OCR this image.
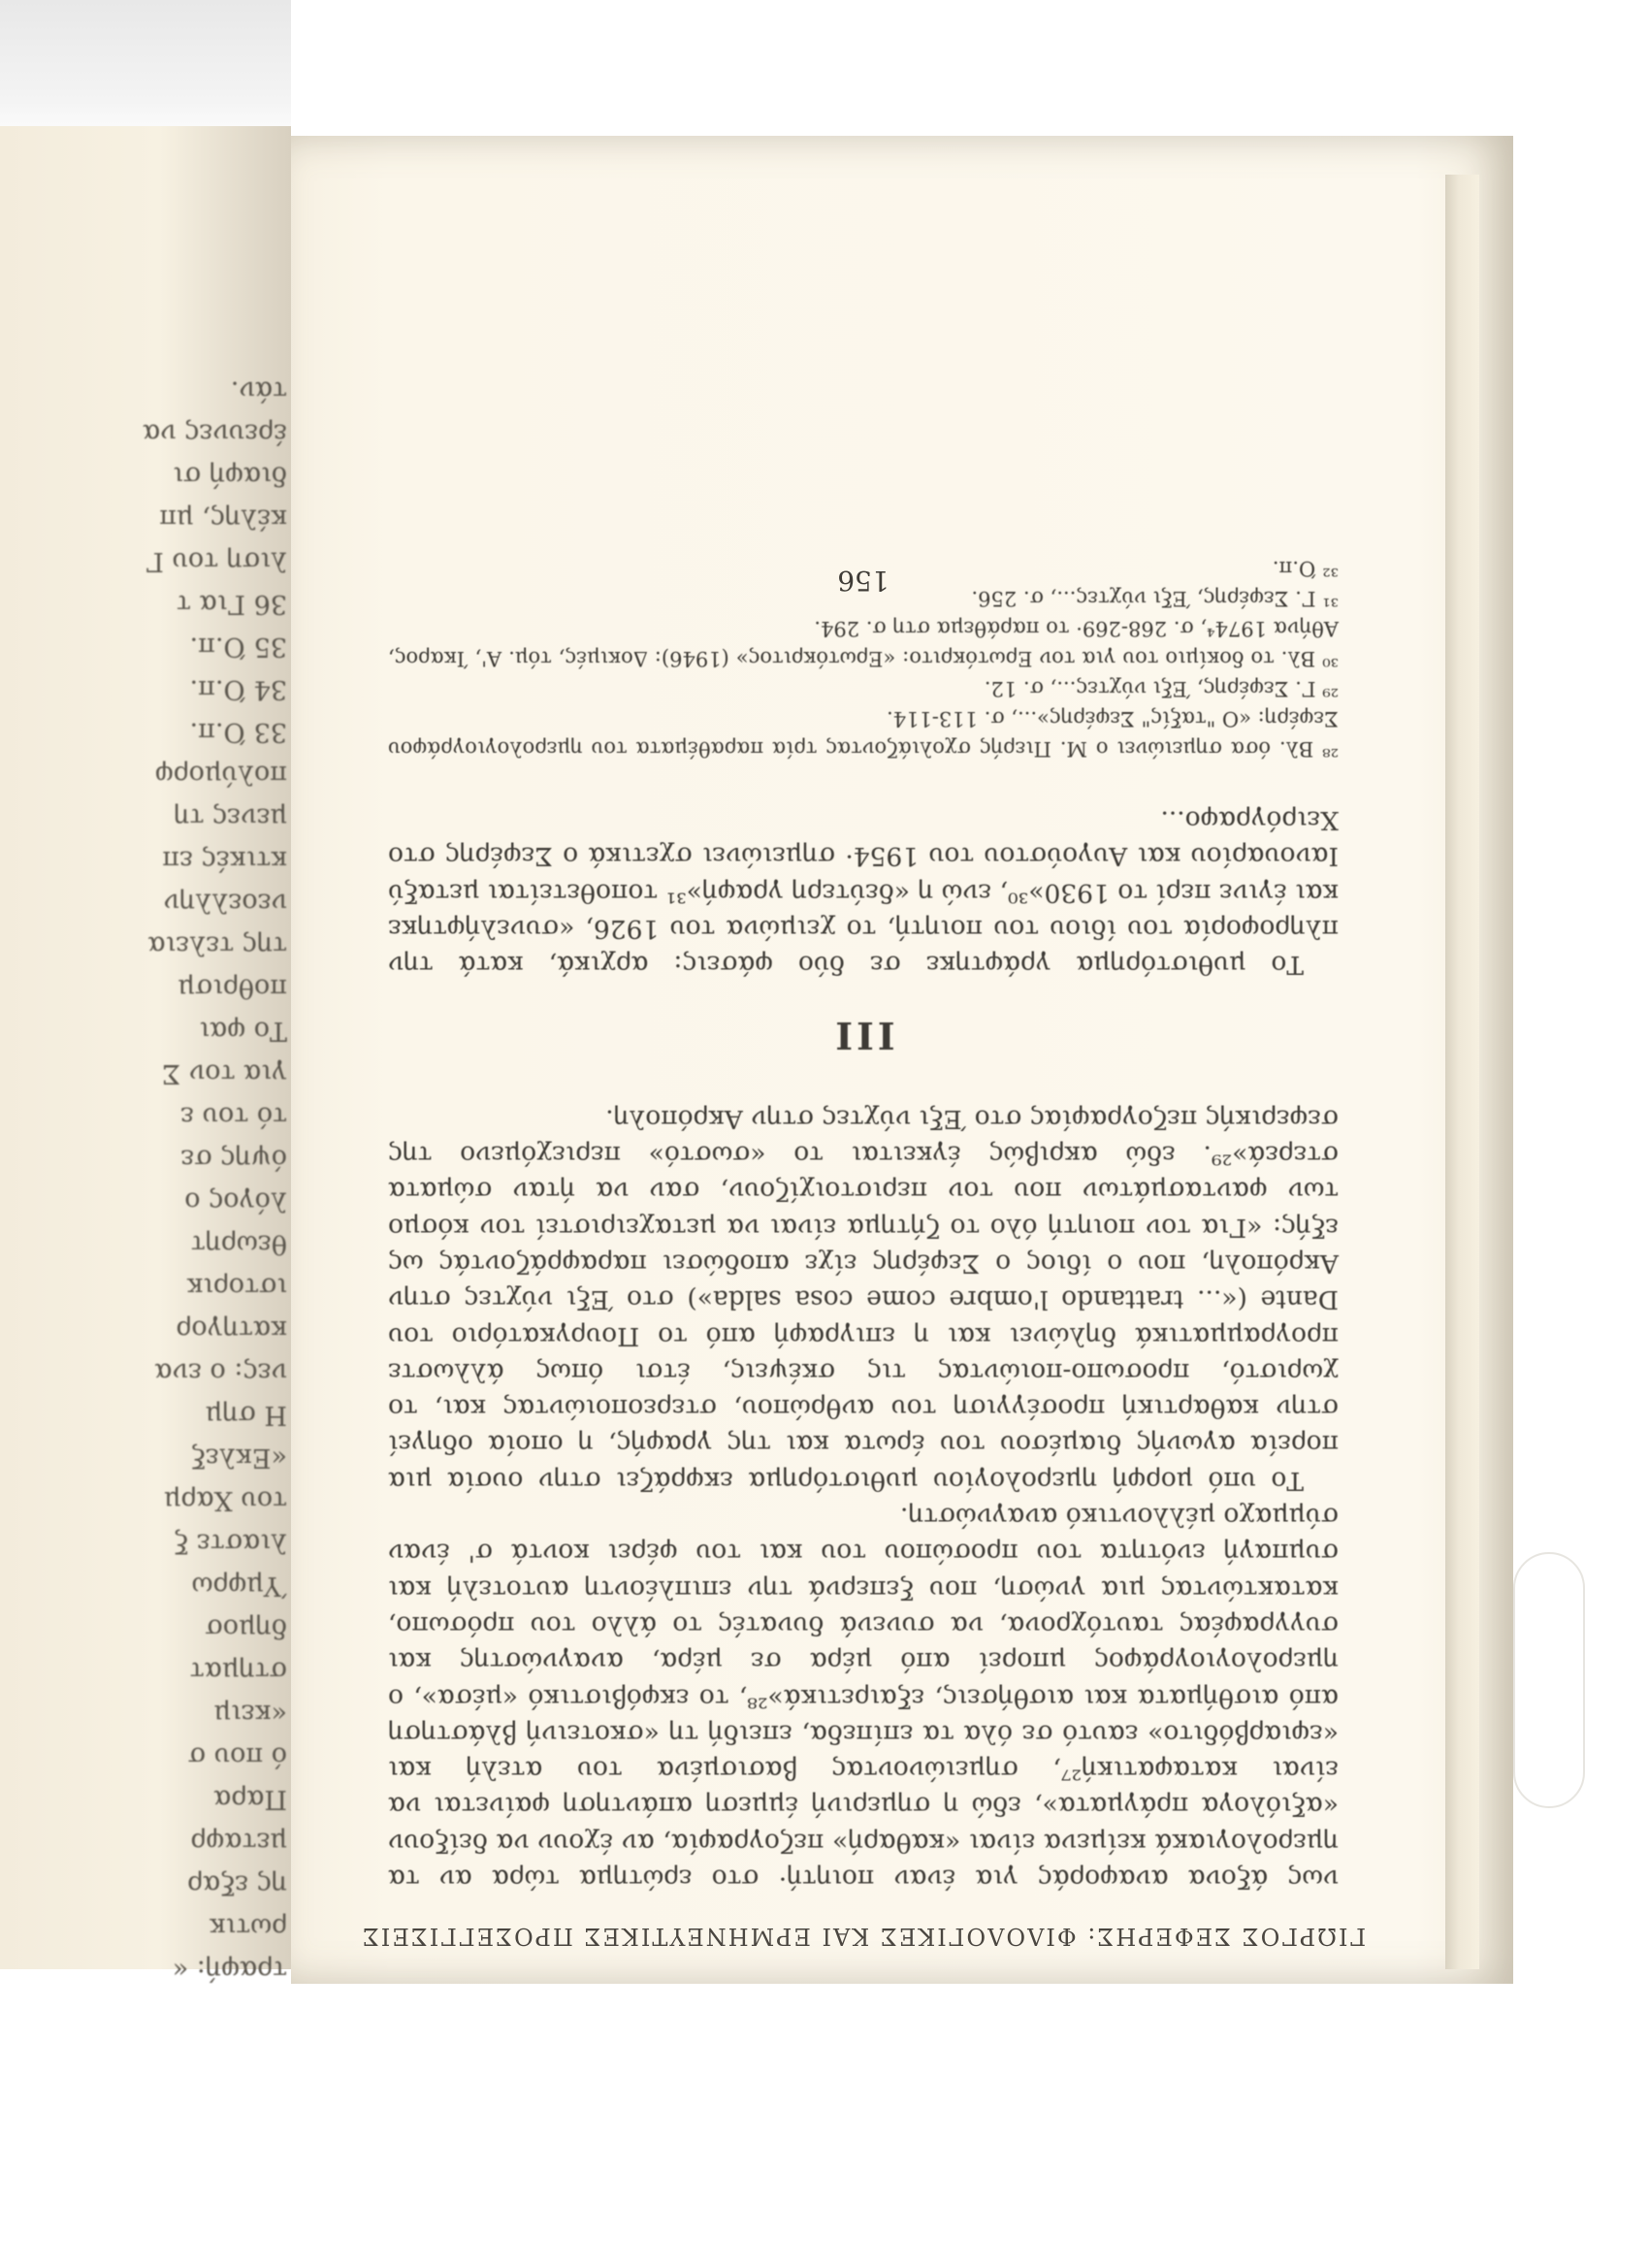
τραφή: «
ρωτικ
ης εξαρ
μεταφρ
Παρα
ό που σ
«κειμ
στηματ
δημοσ
Ύμφρω
λιαστε ξ
του Χαρμ
«Εκλεξ
Η σημ
νες: ο ενα
κατηγορ
ιστορικ
θεωρητ
λόγος ο
όψης σε
τό του ε
για τον Σ
Το φαι
ποθρισμ
της τελεια
νεοελλην
κτικές επ
μενες τη
πολύμορφ
33 Ό.π.
34 Ό.π.
35 Ό.π.
36 Για τ
λιση του Γ
κέλης, μπ
διαφή σι
έρευνες να
τάν.
ΓΙΩΡΓΟΣ ΣΕΦΕΡΗΣ: ΦΙΛΟΛΟΓΙΚΕΣ ΚΑΙ ΕΡΜΗΝΕΥΤΙΚΕΣ ΠΡΟΣΕΓΓΙΣΕΙΣ

νως άξονα αναφοράς για έναν ποιητή· στο ερώτημα τώρα αν τα ημερολογιακά κείμενα είναι «καθαρή» πεζογραφία, αν έχουν να δείξουν «αξιόλογα πράγματα», εδώ η σημερινή έμμεση απάντηση φαίνεται να είναι καταφατική²⁷, σημειώνοντας βασισμένα του ατελή και «εφιαρβόδιτο» εαυτό σε όλα τα επίπεδα, επειδή τη «σκοτεινή βλάστηση από αισθήματα και αισθήσεις, εξαιρετικά»²⁸, το εκφόβιστικό «μέσα», ο ημερολογιογράφος μπορεί από μέρα σε μέρα, αναγνώστης και συγγραφέας ταυτόχρονα, να συνενά δυνατές το άλλο του πρόσωπο, κατακτώντας μια γνώση, που ξεπερνά την επιπλέοντη αυτοτελή και συμπαγή ενότητα του προσώπου του και του φέρει κοντά σ' έναν σύμμαχο μέλλοντικό αναγνώστη.

Το υπό μορφή ημερολογίου μυθιστόρημα εκφράζει στην ουσία μια πορεία αγωνής διαμέσου του έρωτα και της γραφής, η οποία οδηγεί στην καθαρτική προσέγγιση του ανθρώπου, στερεοποιώντας και, το χωριστό, προσωπο-ποιώντας τις σκέψεις, έτσι όπως άλλωστε προγραμματικά δηλώνει και η επιγραφή από το Πουργκατόριο του Dante («... trattando l'ombre come cosa salda») στο Έξι νύχτες στην Ακρόπολη, που ο ίδιος ο Σεφέρης είχε αποδώσει παραφράζοντάς ως εξής: «Για τον ποιητή όλο το ζήτημα είναι να μεταχειριστεί τον κόσμο των φαντασμάτων που τον περιστοιχίζουν, σαν να ήταν σώματα στερεά»²⁹. εδώ ακριβώς έγκειται το «σωστό» περιεχόμενο της σεφερικής πεζογραφίας στο Έξι νύχτες στην Ακρόπολη.

III

Το μυθιστόρημα γράφτηκε σε δύο φάσεις: αρχικά, κατά την πληροφορία του ίδιου του ποιητή, το χειμώνα του 1926, «συνελήφτηκε και έγινε περί το 1930»³⁰, ενώ η «δεύτερη γραφή»³¹ τοποθετείται μεταξύ Ιανουαρίου και Αυγούστου του 1954· σημειώνει σχετικά ο Σεφέρης στο Χειρόγραφο...

²⁸ Βλ. όσα σημειώνει ο Μ. Πιερής σχολιάζοντας τρία παραθέματα του ημερολογιογράφου Σεφέρη: «Ο "ταξίς" Σεφέρης»..., σ. 113-114.
²⁹ Γ. Σεφέρης, Έξι νύχτες..., σ. 12.
³⁰ Βλ. το δοκίμιο του για τον Ερωτόκριτο: «Ερωτόκριτος» (1946): Δοκιμές, τόμ. Α', Ίκαρος, Αθήνα 1974⁴, σ. 268-269· το παράθεμα στη σ. 294.
³¹ Γ. Σεφέρης, Έξι νύχτες..., σ. 256.
³² Ό.π.
156
